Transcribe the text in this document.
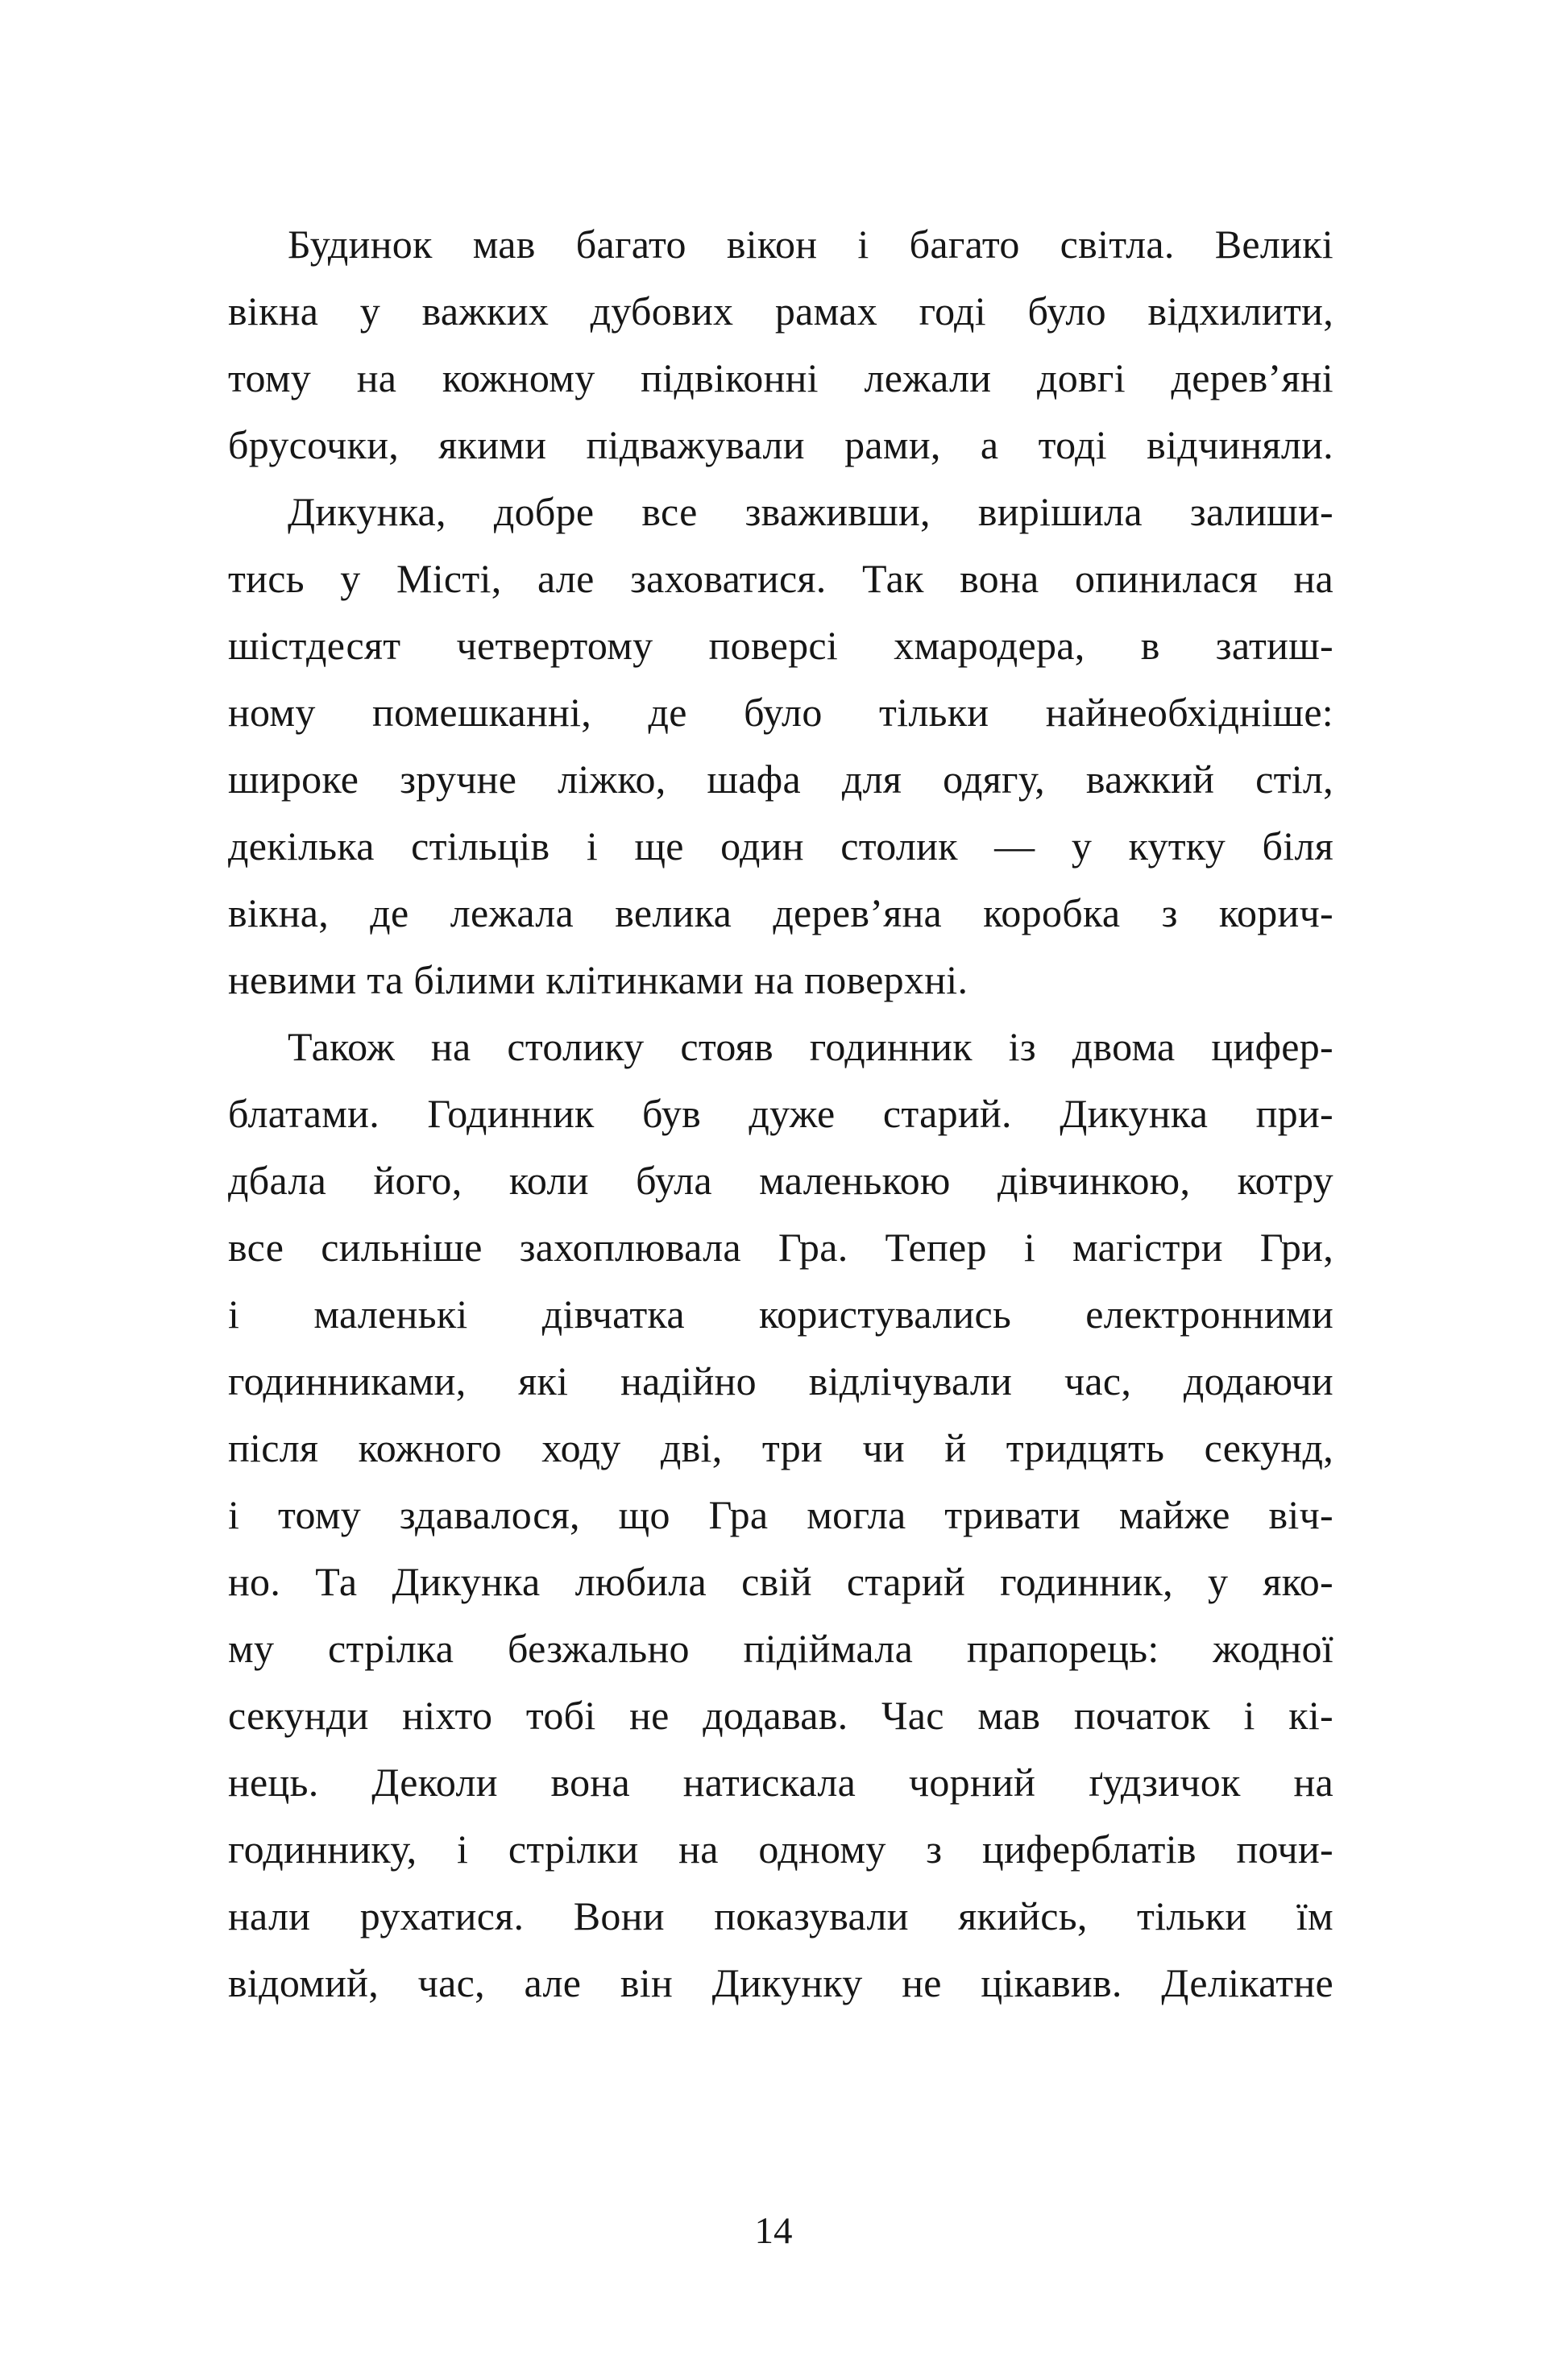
Будинок мав багато вікон і багато світла. Великі
вікна у важких дубових рамах годі було відхилити,
тому на кожному підвіконні лежали довгі дерев’яні
брусочки, якими підважували рами, а тоді відчиняли.
Дикунка, добре все зваживши, вирішила залиши-
тись у Місті, але заховатися. Так вона опинилася на
шістдесят четвертому поверсі хмародера, в затиш-
ному помешканні, де було тільки найнеобхідніше:
широке зручне ліжко, шафа для одягу, важкий стіл,
декілька стільців і ще один столик — у кутку біля
вікна, де лежала велика дерев’яна коробка з корич-
невими та білими клітинками на поверхні.
Також на столику стояв годинник із двома цифер-
блатами. Годинник був дуже старий. Дикунка при-
дбала його, коли була маленькою дівчинкою, котру
все сильніше захоплювала Гра. Тепер і магістри Гри,
і маленькі дівчатка користувались електронними
годинниками, які надійно відлічували час, додаючи
після кожного ходу дві, три чи й тридцять секунд,
і тому здавалося, що Гра могла тривати майже віч-
но. Та Дикунка любила свій старий годинник, у яко-
му стрілка безжально підіймала прапорець: жодної
секунди ніхто тобі не додавав. Час мав початок і кі-
нець. Деколи вона натискала чорний ґудзичок на
годиннику, і стрілки на одному з циферблатів почи-
нали рухатися. Вони показували якийсь, тільки їм
відомий, час, але він Дикунку не цікавив. Делікатне
14
